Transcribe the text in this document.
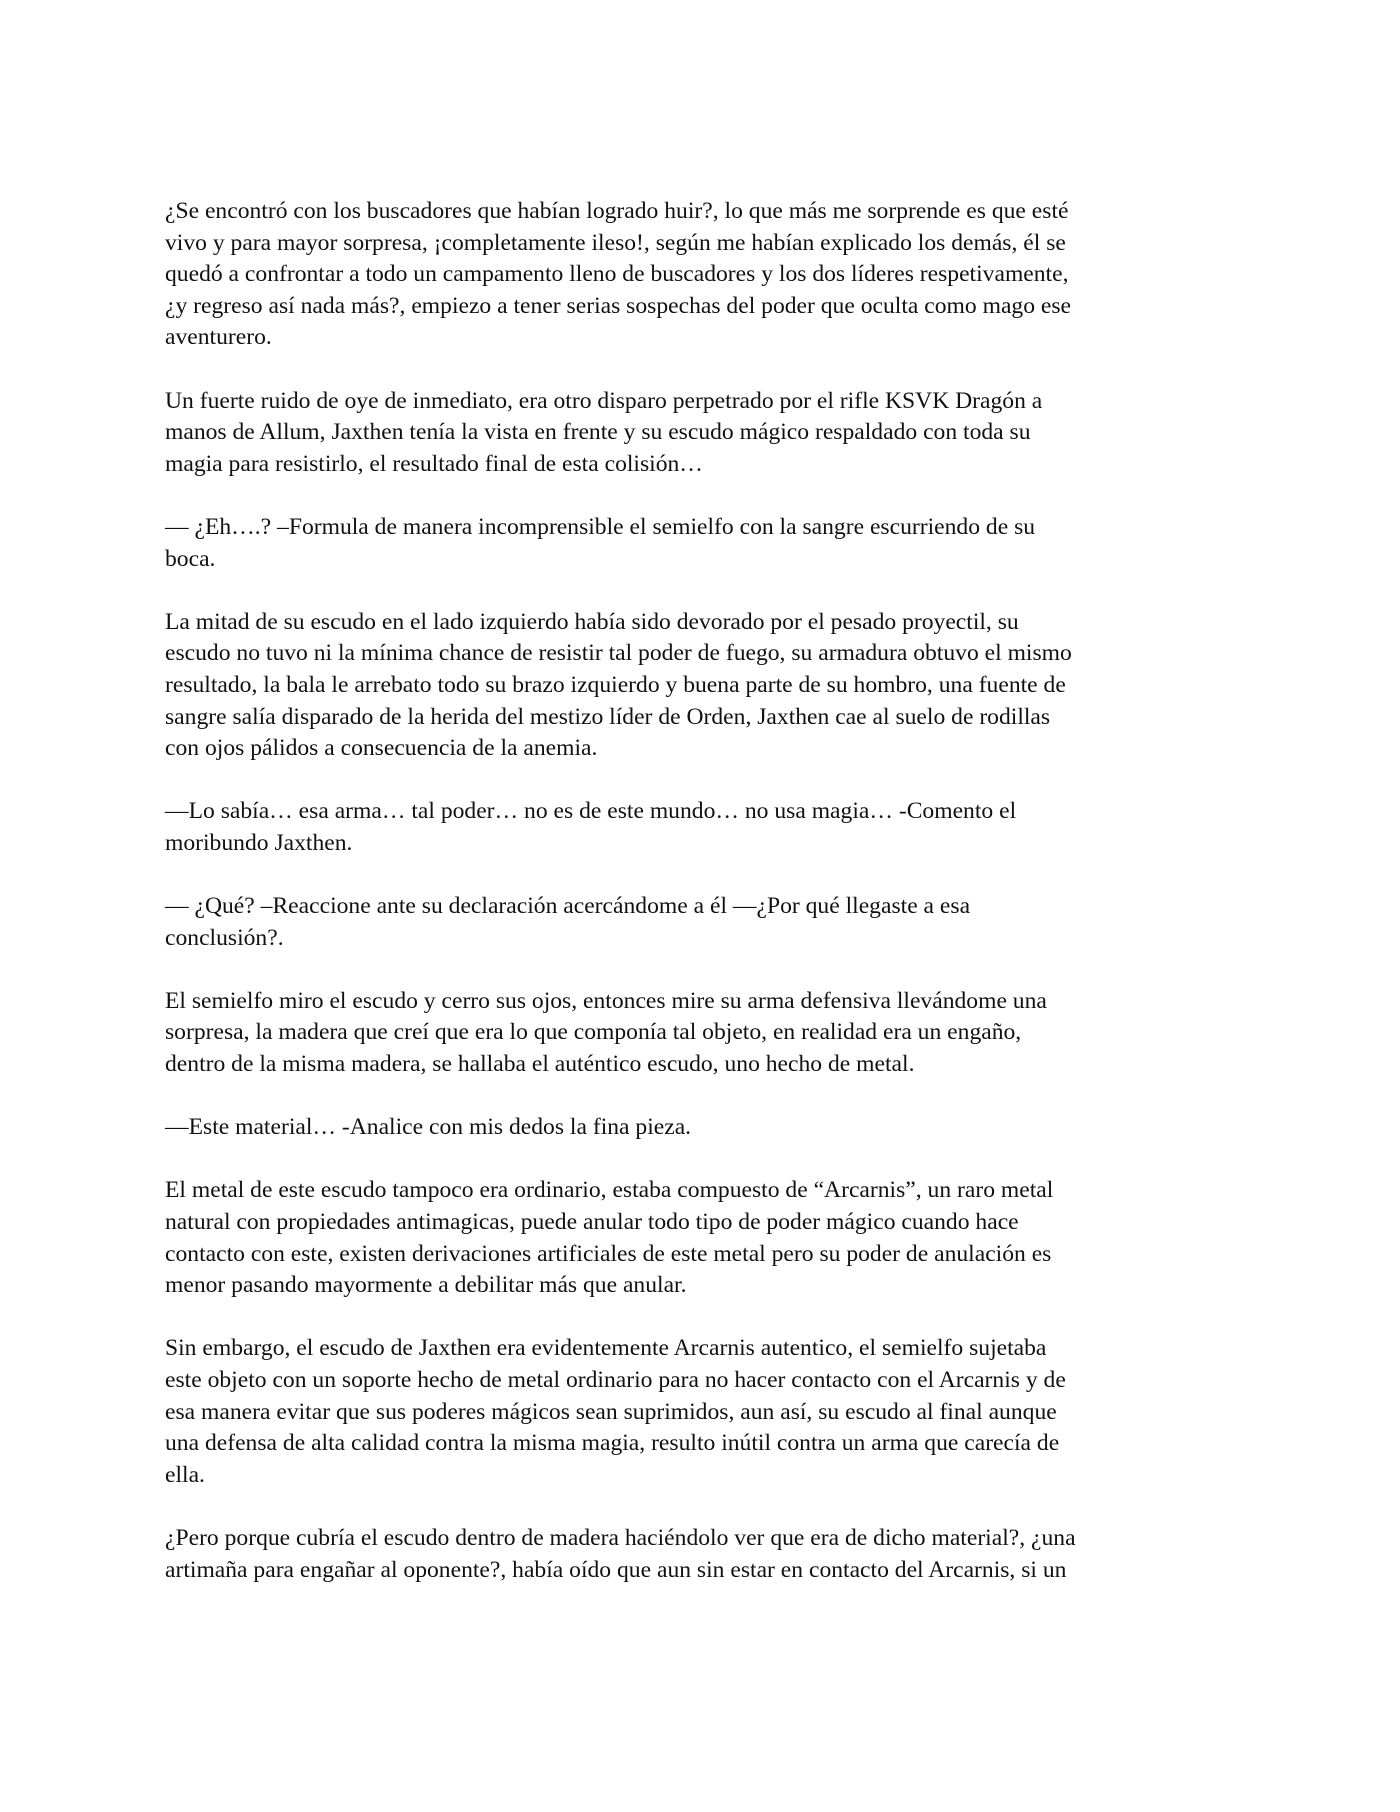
¿Se encontró con los buscadores que habían logrado huir?, lo que más me sorprende es que esté
vivo y para mayor sorpresa, ¡completamente ileso!, según me habían explicado los demás, él se
quedó a confrontar a todo un campamento lleno de buscadores y los dos líderes respetivamente,
¿y regreso así nada más?, empiezo a tener serias sospechas del poder que oculta como mago ese
aventurero.

Un fuerte ruido de oye de inmediato, era otro disparo perpetrado por el rifle KSVK Dragón a
manos de Allum, Jaxthen tenía la vista en frente y su escudo mágico respaldado con toda su
magia para resistirlo, el resultado final de esta colisión…

— ¿Eh….? –Formula de manera incomprensible el semielfo con la sangre escurriendo de su
boca.

La mitad de su escudo en el lado izquierdo había sido devorado por el pesado proyectil, su
escudo no tuvo ni la mínima chance de resistir tal poder de fuego, su armadura obtuvo el mismo
resultado, la bala le arrebato todo su brazo izquierdo y buena parte de su hombro, una fuente de
sangre salía disparado de la herida del mestizo líder de Orden, Jaxthen cae al suelo de rodillas
con ojos pálidos a consecuencia de la anemia.

—Lo sabía… esa arma… tal poder… no es de este mundo… no usa magia… -Comento el
moribundo Jaxthen.

— ¿Qué? –Reaccione ante su declaración acercándome a él —¿Por qué llegaste a esa
conclusión?.

El semielfo miro el escudo y cerro sus ojos, entonces mire su arma defensiva llevándome una
sorpresa, la madera que creí que era lo que componía tal objeto, en realidad era un engaño,
dentro de la misma madera, se hallaba el auténtico escudo, uno hecho de metal.

—Este material… -Analice con mis dedos la fina pieza.

El metal de este escudo tampoco era ordinario, estaba compuesto de “Arcarnis”, un raro metal
natural con propiedades antimagicas, puede anular todo tipo de poder mágico cuando hace
contacto con este, existen derivaciones artificiales de este metal pero su poder de anulación es
menor pasando mayormente a debilitar más que anular.

Sin embargo, el escudo de Jaxthen era evidentemente Arcarnis autentico, el semielfo sujetaba
este objeto con un soporte hecho de metal ordinario para no hacer contacto con el Arcarnis y de
esa manera evitar que sus poderes mágicos sean suprimidos, aun así, su escudo al final aunque
una defensa de alta calidad contra la misma magia, resulto inútil contra un arma que carecía de
ella.

¿Pero porque cubría el escudo dentro de madera haciéndolo ver que era de dicho material?, ¿una
artimaña para engañar al oponente?, había oído que aun sin estar en contacto del Arcarnis, si un
